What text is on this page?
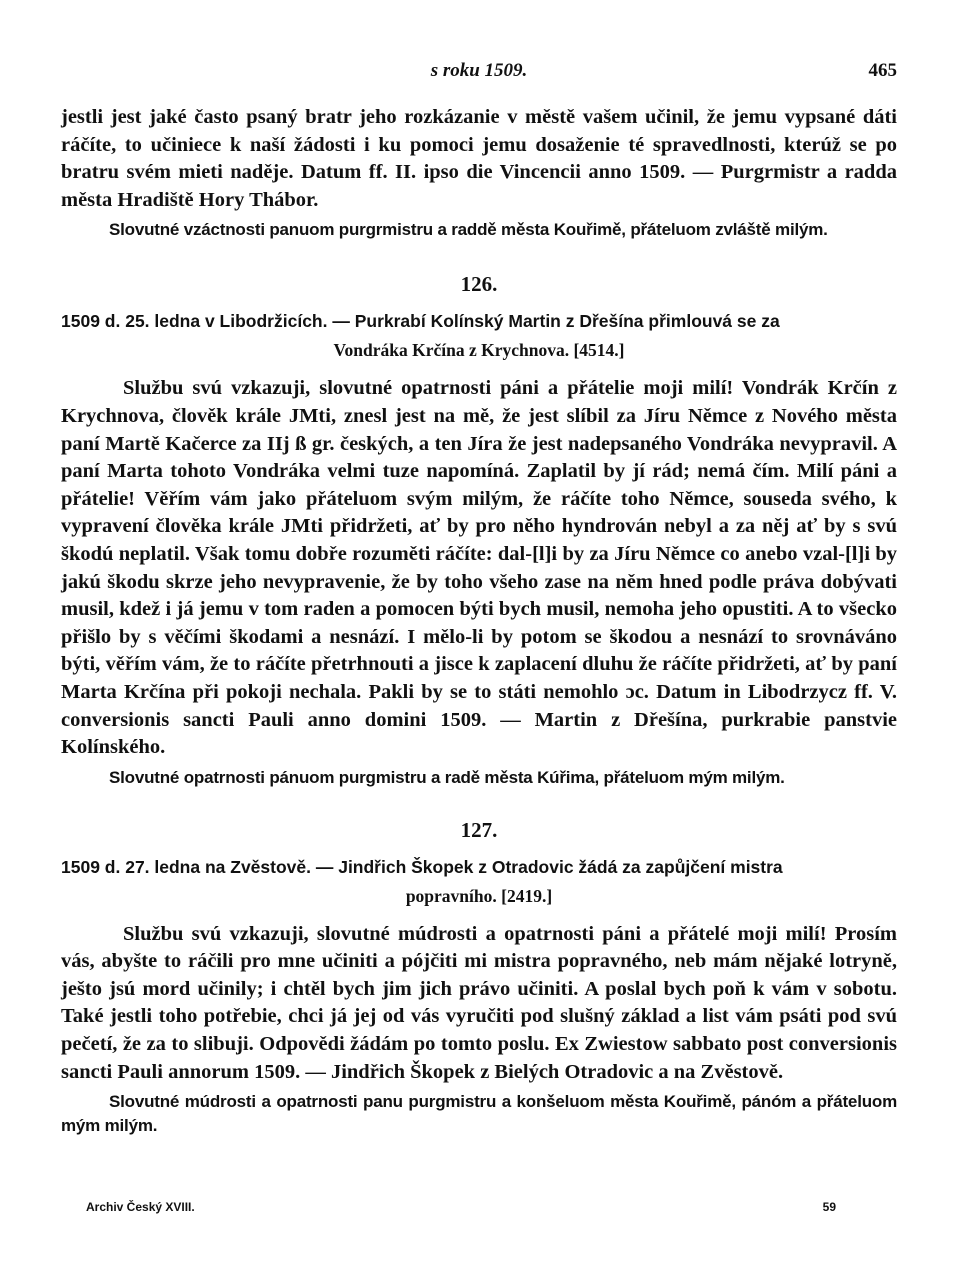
s roku 1509.	465

jestli jest jaké často psaný bratr jeho rozkázanie v městě vašem učinil, že jemu vypsané dáti ráčíte, to učiniece k naší žádosti i ku pomoci jemu dosaženie té spravedlnosti, kterúž se po bratru svém mieti naděje. Datum ff. II. ipso die Vincencii anno 1509. — Purgrmistr a radda města Hradiště Hory Thábor.

Slovutné vzáctnosti panuom purgrmistru a raddě města Kouřimě, přáteluom zvláště milým.

126.

1509 d. 25. ledna v Libodržicích. — Purkrabí Kolínský Martin z Dřešína přimlouvá se za

Vondráka Krčína z Krychnova. [4514.]

Službu svú vzkazuji, slovutné opatrnosti páni a přátelie moji milí! Vondrák Krčín z Krychnova, člověk krále JMti, znesl jest na mě, že jest slíbil za Jíru Němce z Nového města paní Martě Kačerce za IIj ß gr. českých, a ten Jíra že jest nadepsaného Vondráka nevypravil. A paní Marta tohoto Vondráka velmi tuze napomíná. Zaplatil by jí rád; nemá čím. Milí páni a přátelie! Věřím vám jako přáteluom svým milým, že ráčíte toho Němce, souseda svého, k vypravení člověka krále JMti přidržeti, ať by pro něho hyndrován nebyl a za něj ať by s svú škodú neplatil. Však tomu dobře rozuměti ráčíte: dal-[l]i by za Jíru Němce co anebo vzal-[l]i by jakú škodu skrze jeho nevypravenie, že by toho všeho zase na něm hned podle práva dobývati musil, kdež i já jemu v tom raden a pomocen býti bych musil, nemoha jeho opustiti. A to všecko přišlo by s věčími škodami a nesnází. I mělo-li by potom se škodou a nesnází to srovnáváno býti, věřím vám, že to ráčíte přetrhnouti a jisce k zaplacení dluhu že ráčíte přidržeti, ať by paní Marta Krčína při pokoji nechala. Pakli by se to státi nemohlo ɔc. Datum in Libodrzycz ff. V. conversionis sancti Pauli anno domini 1509. — Martin z Dřešína, purkrabie panstvie Kolínského.

Slovutné opatrnosti pánuom purgmistru a radě města Kúřima, přáteluom mým milým.

127.

1509 d. 27. ledna na Zvěstově. — Jindřich Škopek z Otradovic žádá za zapůjčení mistra

popravního. [2419.]

Službu svú vzkazuji, slovutné múdrosti a opatrnosti páni a přátelé moji milí! Prosím vás, abyšte to ráčili pro mne učiniti a pójčiti mi mistra popravného, neb mám nějaké lotryně, ješto jsú mord učinily; i chtěl bych jim jich právo učiniti. A poslal bych poň k vám v sobotu. Také jestli toho potřebie, chci já jej od vás vyručiti pod slušný základ a list vám psáti pod svú pečetí, že za to slibuji. Odpovědi žádám po tomto poslu. Ex Zwiestow sabbato post conversionis sancti Pauli annorum 1509. — Jindřich Škopek z Bielých Otradovic a na Zvěstově.

Slovutné múdrosti a opatrnosti panu purgmistru a konšeluom města Kouřimě, pánóm a přáteluom mým milým.

Archiv Český XVIII.	59
